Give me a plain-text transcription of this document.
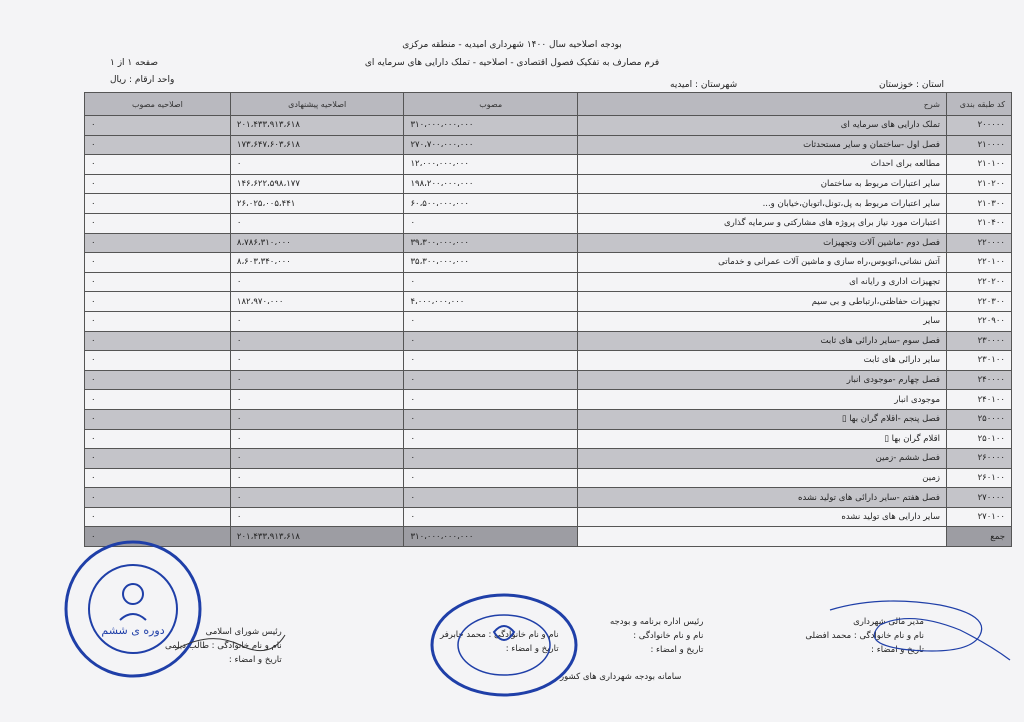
بودجه اصلاحیه سال ۱۴۰۰ شهرداری امیدیه - منطقه مرکزی
فرم مصارف به تفکیک فصول اقتصادی - اصلاحیه - تملک دارایی های سرمایه ای
صفحه ۱ از ۱
واحد ارقام : ریال	استان : خوزستان
شهرستان : امیدیه
کد طبقه بندی	شرح	مصوب	اصلاحیه پیشنهادی	اصلاحیه مصوب
۲۰۰۰۰۰	تملک دارایی های سرمایه ای	۳۱۰،۰۰۰،۰۰۰،۰۰۰	۲۰۱،۴۳۳،۹۱۳،۶۱۸	۰
۲۱۰۰۰۰	فصل اول -ساختمان و سایر مستحدثات	۲۷۰،۷۰۰،۰۰۰،۰۰۰	۱۷۳،۶۴۷،۶۰۳،۶۱۸	۰
۲۱۰۱۰۰	مطالعه برای احداث	۱۲،۰۰۰،۰۰۰،۰۰۰	۰	۰
۲۱۰۲۰۰	سایر اعتبارات مربوط به ساختمان	۱۹۸،۲۰۰،۰۰۰،۰۰۰	۱۴۶،۶۲۲،۵۹۸،۱۷۷	۰
۲۱۰۳۰۰	سایر اعتبارات مربوط به پل،تونل،اتوبان،خیابان و...	۶۰،۵۰۰،۰۰۰،۰۰۰	۲۶،۰۲۵،۰۰۵،۴۴۱	۰
۲۱۰۴۰۰	اعتبارات مورد نیاز برای پروژه های مشارکتی و سرمایه گذاری	۰	۰	۰
۲۲۰۰۰۰	فصل دوم -ماشین آلات وتجهیزات	۳۹،۳۰۰،۰۰۰،۰۰۰	۸،۷۸۶،۳۱۰،۰۰۰	۰
۲۲۰۱۰۰	آتش نشانی،اتوبوس،راه سازی و ماشین آلات عمرانی و خدماتی	۳۵،۳۰۰،۰۰۰،۰۰۰	۸،۶۰۳،۳۴۰،۰۰۰	۰
۲۲۰۲۰۰	تجهیزات اداری و رایانه ای	۰	۰	۰
۲۲۰۳۰۰	تجهیزات حفاظتی،ارتباطی و بی سیم	۴،۰۰۰،۰۰۰،۰۰۰	۱۸۲،۹۷۰،۰۰۰	۰
۲۲۰۹۰۰	سایر	۰	۰	۰
۲۳۰۰۰۰	فصل سوم -سایر دارائی های ثابت	۰	۰	۰
۲۳۰۱۰۰	سایر دارائی های ثابت	۰	۰	۰
۲۴۰۰۰۰	فصل چهارم -موجودی انبار	۰	۰	۰
۲۴۰۱۰۰	موجودی انبار	۰	۰	۰
۲۵۰۰۰۰	فصل پنجم -اقلام گران بها ▯	۰	۰	۰
۲۵۰۱۰۰	اقلام گران بها ▯	۰	۰	۰
۲۶۰۰۰۰	فصل ششم -زمین	۰	۰	۰
۲۶۰۱۰۰	زمین	۰	۰	۰
۲۷۰۰۰۰	فصل هفتم -سایر دارائی های تولید نشده	۰	۰	۰
۲۷۰۱۰۰	سایر دارایی های تولید نشده	۰	۰	۰
جمع		۳۱۰،۰۰۰،۰۰۰،۰۰۰	۲۰۱،۴۳۳،۹۱۳،۶۱۸	۰
مدیر مالی شهرداری
نام و نام خانوادگی : محمد افضلی
تاریخ و امضاء :
رئیس اداره برنامه و بودجه
نام و نام خانوادگی :
تاریخ و امضاء :
رئیس شورای اسلامی
نام و نام خانوادگی : طالب دیلمی
تاریخ و امضاء :
نام و نام خانوادگی : محمد جابرفر
تاریخ و امضاء :
سامانه بودجه شهرداری های کشور
دوره ی ششم
